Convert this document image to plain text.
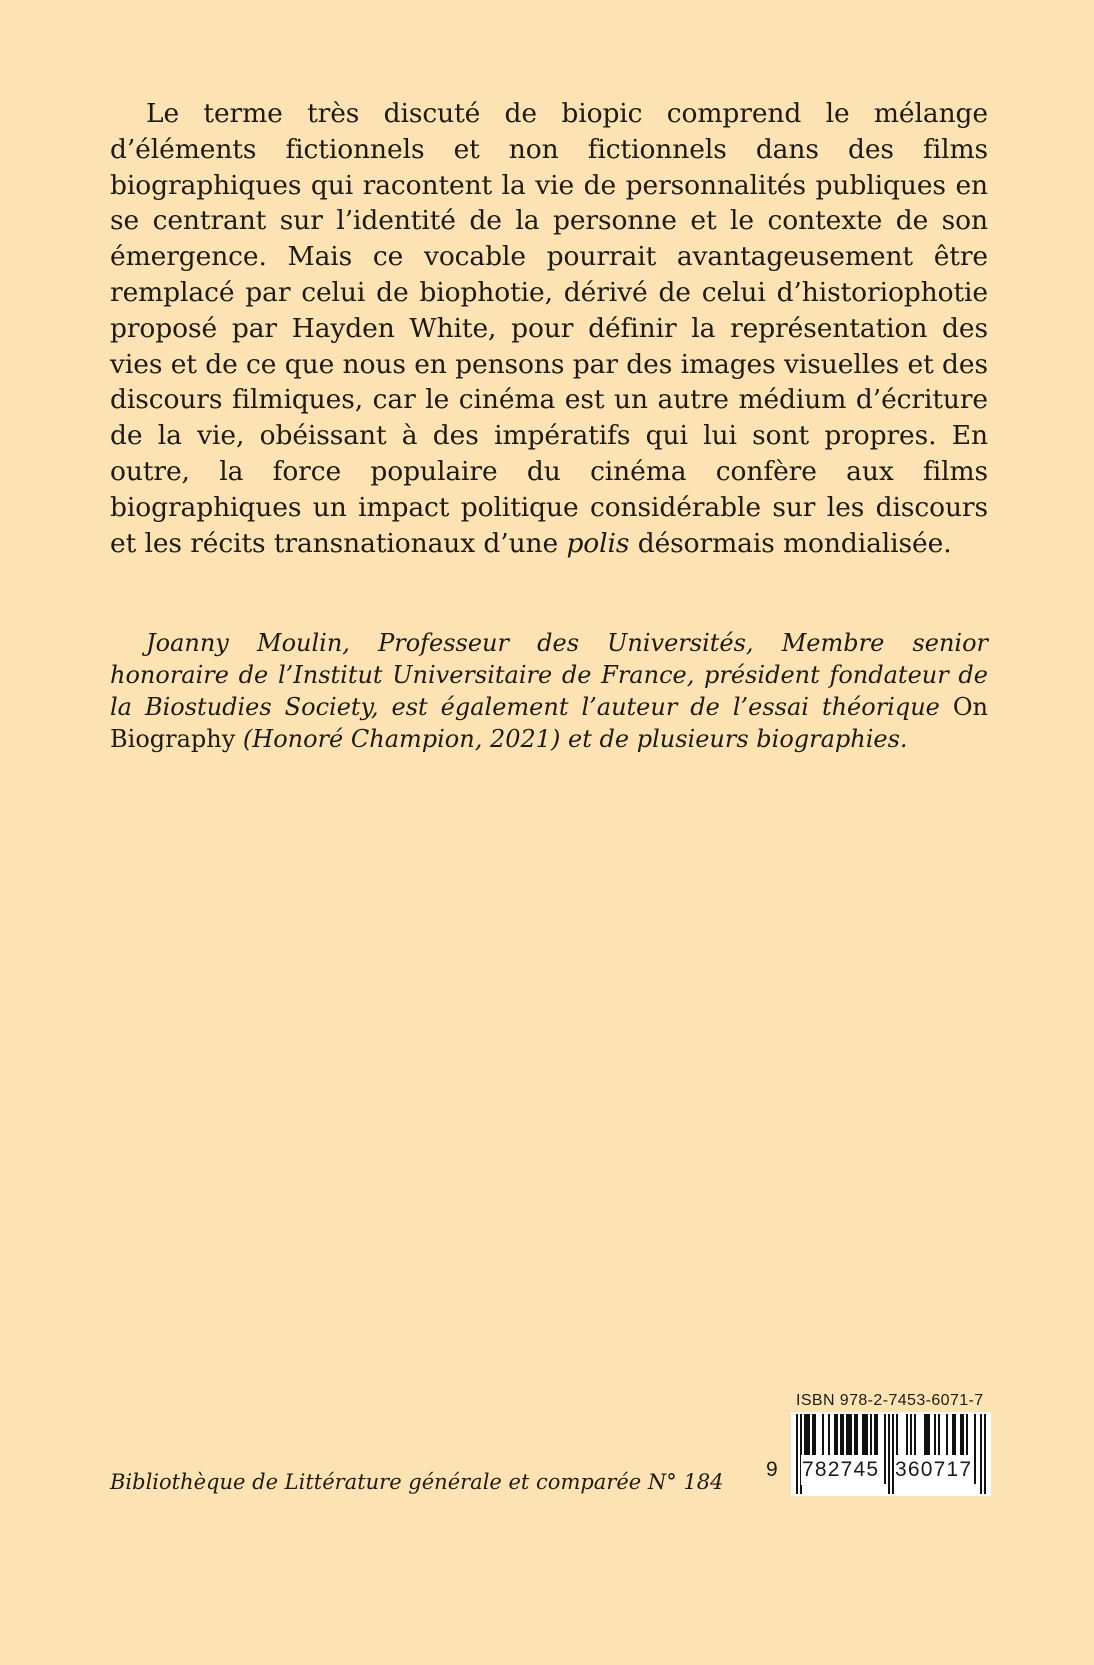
Le terme très discuté de biopic comprend le mélange d’éléments fictionnels et non fictionnels dans des films biographiques qui racontent la vie de personnalités publiques en se centrant sur l’identité de la personne et le contexte de son émergence. Mais ce vocable pourrait avantageusement être remplacé par celui de biophotie, dérivé de celui d’historiophotie proposé par Hayden White, pour définir la représentation des vies et de ce que nous en pensons par des images visuelles et des discours filmiques, car le cinéma est un autre médium d’écriture de la vie, obéissant à des impératifs qui lui sont propres. En outre, la force populaire du cinéma confère aux films biographiques un impact politique considérable sur les discours et les récits transnationaux d’une polis désormais mondialisée.

Joanny Moulin, Professeur des Universités, Membre senior honoraire de l’Institut Universitaire de France, président fondateur de la Biostudies Society, est également l’auteur de l’essai théorique On Biography (Honoré Champion, 2021) et de plusieurs biographies.

Bibliothèque de Littérature générale et comparée N° 184
ISBN 978-2-7453-6071-7
9 782745 360717
